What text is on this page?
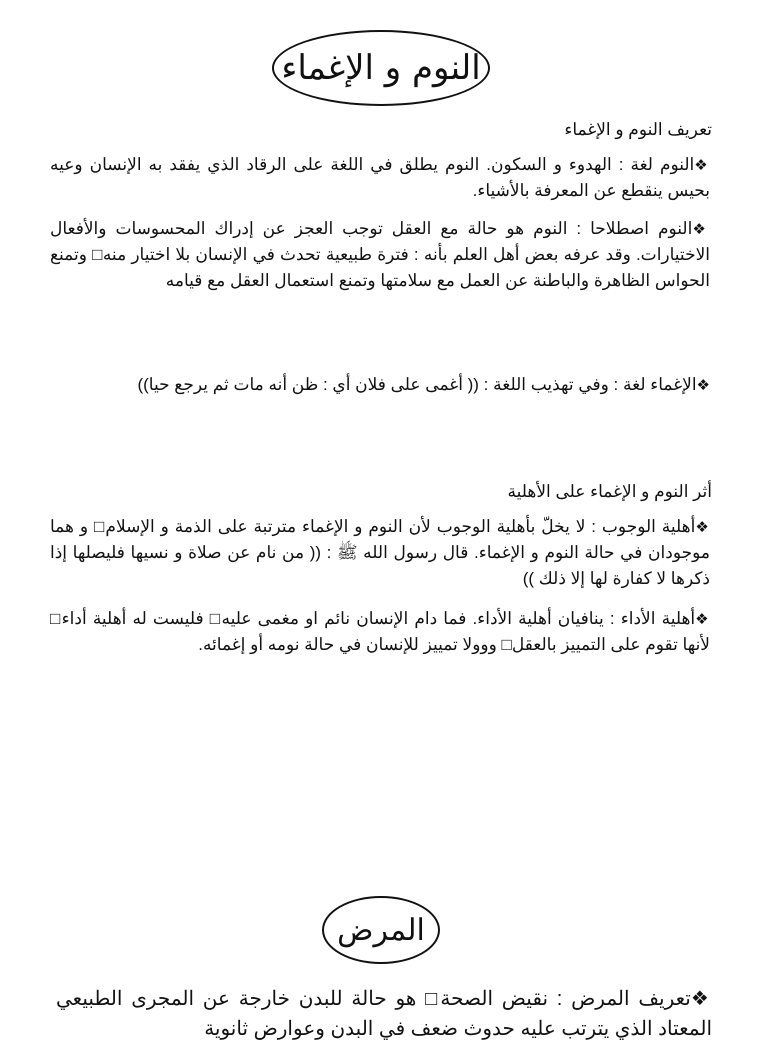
النوم و الإغماء
تعريف النوم و الإغماء
❖النوم لغة : الهدوء و السكون. النوم يطلق في اللغة على الرقاد الذي يفقد به الإنسان وعيه بحيس ينقطع عن المعرفة بالأشياء.
❖النوم اصطلاحا : النوم هو حالة مع العقل توجب العجز عن إدراك المحسوسات والأفعال الاختيارات. وقد عرفه بعض أهل العلم بأنه : فترة طبيعية تحدث في الإنسان بلا اختيار منه□ وتمنع الحواس الظاهرة والباطنة عن العمل مع سلامتها وتمنع استعمال العقل مع قيامه
❖الإغماء لغة : وفي تهذيب اللغة : (( أغمى على فلان أي : ظن أنه مات ثم يرجع حيا))
أثر النوم و الإغماء على الأهلية
❖أهلية الوجوب : لا يخلّ بأهلية الوجوب لأن النوم و الإغماء مترتبة على الذمة و الإسلام□ و هما موجودان في حالة النوم و الإغماء. قال رسول الله ﷺ : (( من نام عن صلاة و نسيها فليصلها إذا ذكرها لا كفارة لها إلا ذلك ))
❖أهلية الأداء : ينافيان أهلية الأداء. فما دام الإنسان نائم او مغمى عليه□ فليست له أهلية أداء□ لأنها تقوم على التمييز بالعقل□ ووولا تمييز للإنسان في حالة نومه أو إغمائه.
المرض
❖تعريف المرض : نقيض الصحة□ هو حالة للبدن خارجة عن المجرى الطبيعي المعتاد الذي يترتب عليه حدوث ضعف في البدن وعوارض ثانوية
